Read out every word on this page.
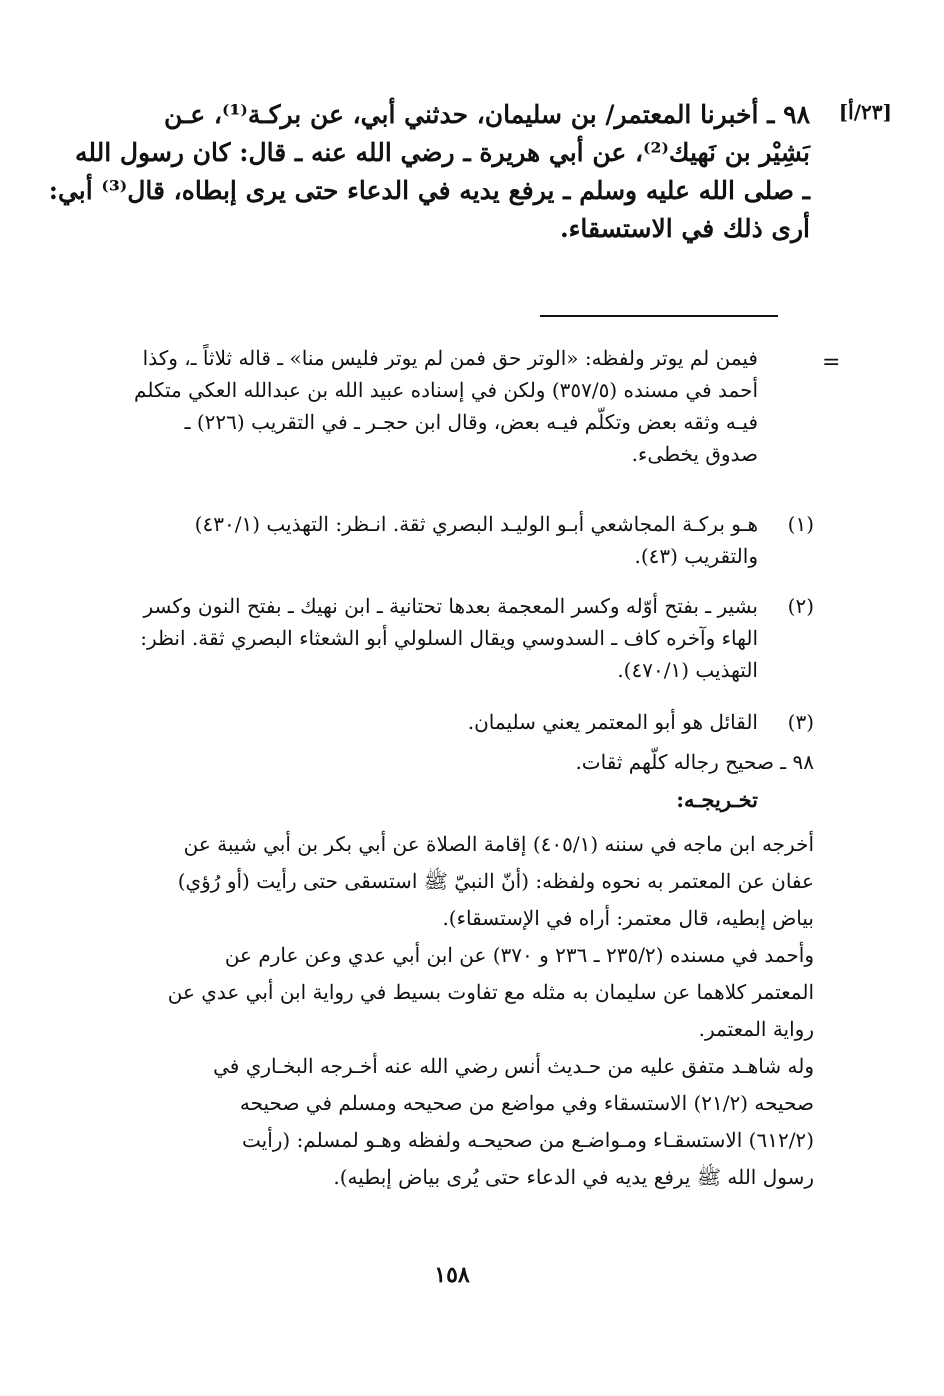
[٢٣/أ]
٩٨ ـ أخبرنا المعتمر/ بن سليمان، حدثني أبي، عن بركـة⁽¹⁾، عـن
بَشِيْر بن نَهيك⁽²⁾، عن أبي هريرة ـ رضي الله عنه ـ قال: كان رسول الله
ـ صلى الله عليه وسلم ـ يرفع يديه في الدعاء حتى يرى إبطاه، قال⁽³⁾ أبي:
أرى ذلك في الاستسقاء.
=
فيمن لم يوتر ولفظه: «الوتر حق فمن لم يوتر فليس منا» ـ قاله ثلاثاً ـ، وكذا
أحمد في مسنده (٣٥٧/٥) ولكن في إسناده عبيد الله بن عبدالله العكي متكلم
فيـه وثقه بعض وتكلّم فيـه بعض، وقال ابن حجـر ـ في التقريب (٢٢٦) ـ
صدوق يخطىء.
(١)
هـو بركـة المجاشعي أبـو الوليـد البصري ثقة. انـظر: التهذيب (٤٣٠/١)
والتقريب (٤٣).
(٢)
بشير ـ بفتح أوّله وكسر المعجمة بعدها تحتانية ـ ابن نهيك ـ بفتح النون وكسر
الهاء وآخره كاف ـ السدوسي ويقال السلولي أبو الشعثاء البصري ثقة. انظر:
التهذيب (٤٧٠/١).
(٣)
القائل هو أبو المعتمر يعني سليمان.
٩٨ ـ صحيح رجاله كلّهم ثقات.
تخـريجـه:
أخرجه ابن ماجه في سننه (٤٠٥/١) إقامة الصلاة عن أبي بكر بن أبي شيبة عن
عفان عن المعتمر به نحوه ولفظه: (أنّ النبيّ ﷺ استسقى حتى رأيت (أو رُؤي)
بياض إبطيه، قال معتمر: أراه في الإستسقاء).
وأحمد في مسنده (٢٣٥/٢ ـ ٢٣٦ و ٣٧٠) عن ابن أبي عدي وعن عارم عن
المعتمر كلاهما عن سليمان به مثله مع تفاوت بسيط في رواية ابن أبي عدي عن
رواية المعتمر.
وله شاهـد متفق عليه من حـديث أنس رضي الله عنه أخـرجه البخـاري في
صحيحه (٢١/٢) الاستسقاء وفي مواضع من صحيحه ومسلم في صحيحه
(٦١٢/٢) الاستسقـاء ومـواضـع من صحيحـه ولفظه وهـو لمسلم: (رأيت
رسول الله ﷺ يرفع يديه في الدعاء حتى يُرى بياض إبطيه).
١٥٨
